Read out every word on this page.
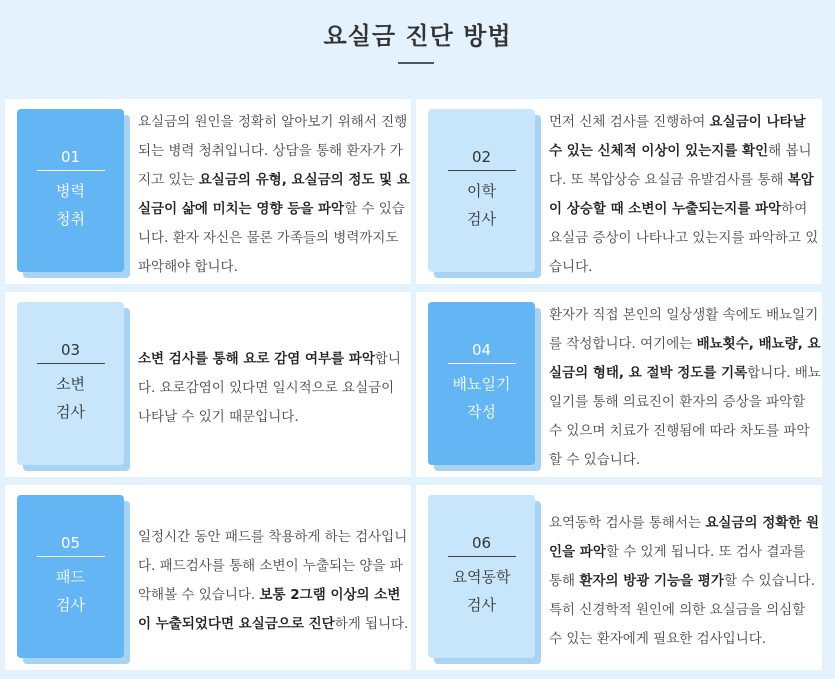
요실금 진단 방법
01
병력
청취
요실금의 원인을 정확히 알아보기 위해서 진행되는 병력 청취입니다. 상담을 통해 환자가 가지고 있는 요실금의 유형, 요실금의 정도 및 요실금이 삶에 미치는 영향 등을 파악할 수 있습니다. 환자 자신은 물론 가족들의 병력까지도 파악해야 합니다.
02
이학
검사
먼저 신체 검사를 진행하여 요실금이 나타날 수 있는 신체적 이상이 있는지를 확인해 봅니다. 또 복압상승 요실금 유발검사를 통해 복압이 상승할 때 소변이 누출되는지를 파악하여 요실금 증상이 나타나고 있는지를 파악하고 있습니다.
03
소변
검사
소변 검사를 통해 요로 감염 여부를 파악합니다. 요로감염이 있다면 일시적으로 요실금이 나타날 수 있기 때문입니다.
04
배뇨일기
작성
환자가 직접 본인의 일상생활 속에도 배뇨일기를 작성합니다. 여기에는 배뇨횟수, 배뇨량, 요실금의 형태, 요 절박 정도를 기록합니다. 배뇨일기를 통해 의료진이 환자의 증상을 파악할 수 있으며 치료가 진행됨에 따라 차도를 파악할 수 있습니다.
05
패드
검사
일정시간 동안 패드를 착용하게 하는 검사입니다. 패드검사를 통해 소변이 누출되는 양을 파악해볼 수 있습니다. 보통 2그램 이상의 소변이 누출되었다면 요실금으로 진단하게 됩니다.
06
요역동학
검사
요역동학 검사를 통해서는 요실금의 정확한 원인을 파악할 수 있게 됩니다. 또 검사 결과를 통해 환자의 방광 기능을 평가할 수 있습니다. 특히 신경학적 원인에 의한 요실금을 의심할 수 있는 환자에게 필요한 검사입니다.
